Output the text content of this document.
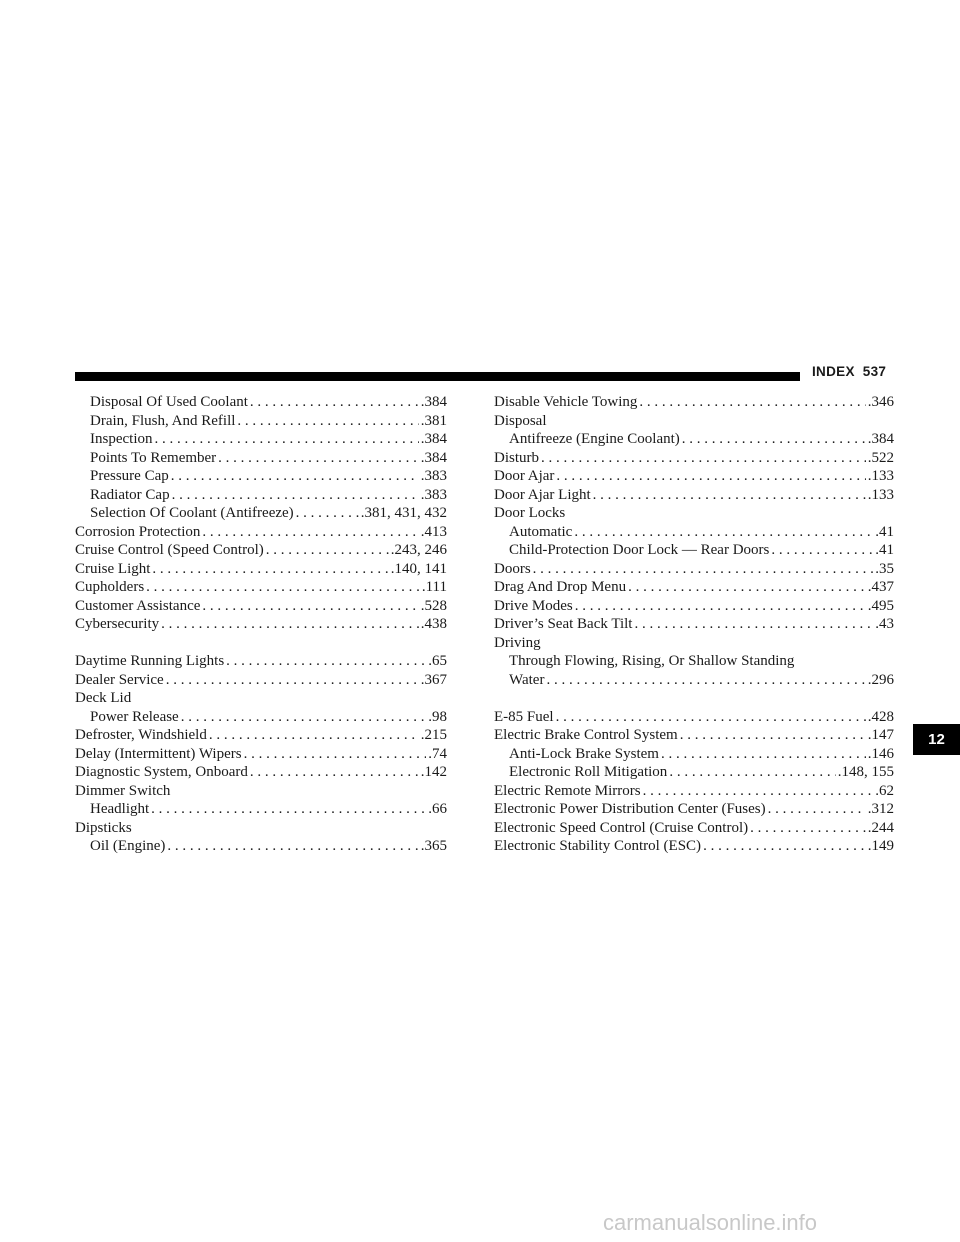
INDEX 537
Disposal Of Used Coolant . . .	. 384
Drain, Flush, And Refill . . .	. 381
Inspection . . .	. 384
Points To Remember . . .	. 384
Pressure Cap . . .	. 383
Radiator Cap . . .	. 383
Selection Of Coolant (Antifreeze) . . .	. 381, 431, 432
Corrosion Protection . . .	. 413
Cruise Control (Speed Control) . . .	. 243, 246
Cruise Light . . .	. 140, 141
Cupholders . . .	. 111
Customer Assistance . . .	. 528
Cybersecurity . . .	. 438
Daytime Running Lights . . .	. 65
Dealer Service . . .	. 367
Deck Lid
Power Release . . .	. 98
Defroster, Windshield . . .	. 215
Delay (Intermittent) Wipers . . .	. 74
Diagnostic System, Onboard . . .	. 142
Dimmer Switch
Headlight . . .	. 66
Dipsticks
Oil (Engine) . . .	. 365
Disable Vehicle Towing . . .	. 346
Disposal
Antifreeze (Engine Coolant) . . .	. 384
Disturb . . .	. 522
Door Ajar . . .	. 133
Door Ajar Light . . .	. 133
Door Locks
Automatic . . .	. 41
Child-Protection Door Lock — Rear Doors . . .	. 41
Doors . . .	. 35
Drag And Drop Menu . . .	. 437
Drive Modes . . .	. 495
Driver’s Seat Back Tilt . . .	. 43
Driving
Through Flowing, Rising, Or Shallow Standing
Water . . .	. 296
E-85 Fuel . . .	. 428
Electric Brake Control System . . .	. 147
Anti-Lock Brake System . . .	. 146
Electronic Roll Mitigation . . .	. 148, 155
Electric Remote Mirrors . . .	. 62
Electronic Power Distribution Center (Fuses) . . .	. 312
Electronic Speed Control (Cruise Control) . . .	. 244
Electronic Stability Control (ESC) . . .	. 149
12
carmanualsonline.info
